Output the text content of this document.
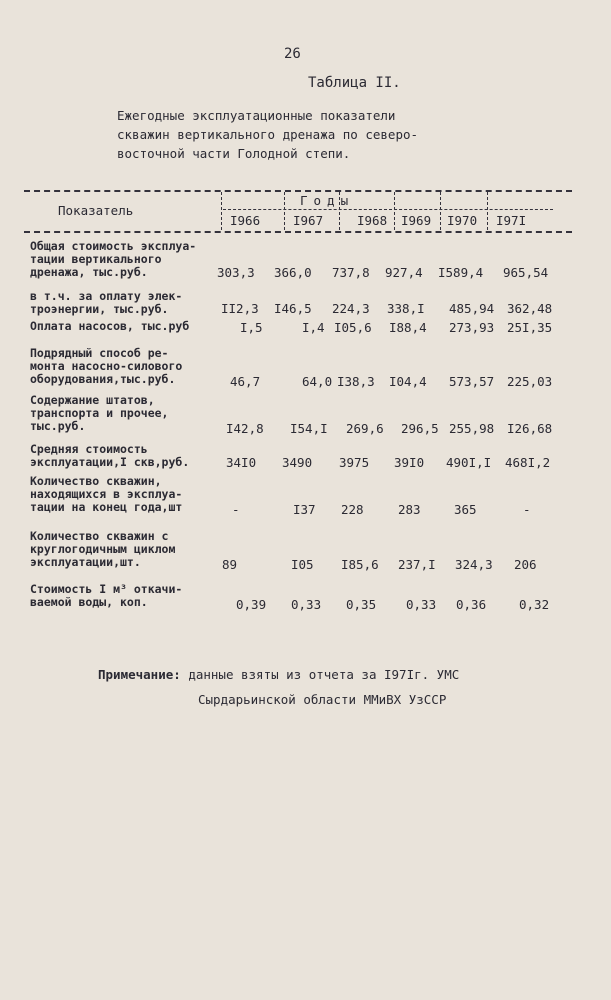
26
Таблица II.
Ежегодные эксплуатационные показатели
скважин вертикального дренажа по северо-
восточной части Голодной степи.
Показатель
Годы
I966	I967	I968 I969 I970 I97I
Общая стоимость эксплуа-
тации вертикального
дренажа, тыс.руб.	303,3 366,0 737,8 927,4 I589,4 965,54
в т.ч. за оплату элек-
троэнергии, тыс.руб.	II2,3 I46,5 224,3 338,I 485,94 362,48
Оплата насосов, тыс.руб	I,5	I,4 I05,6 I88,4 273,93 25I,35
Подрядный способ ре-
монта насосно-силового
оборудования,тыс.руб.	46,7	64,0 I38,3 I04,4 573,57 225,03
Содержание штатов,
транспорта и прочее,
тыс.руб.	I42,8 I54,I 269,6 296,5 255,98 I26,68
Средняя стоимость
эксплуатации,I скв,руб.	34I0 3490 3975 39I0 490I,I 468I,2
Количество скважин,
находящихся в эксплуа-
тации на конец года,шт	-	I37 228	283	365	-
Количество скважин с
круглогодичным циклом
эксплуатации,шт.	89	I05 I85,6 237,I 324,3 206
Стоимость I м³ откачи-
ваемой воды, коп.	0,39 0,33 0,35 0,33 0,36	0,32
Примечание: данные взяты из отчета за I97Iг. УМС
Сырдарьинской области ММиВХ УзССР
